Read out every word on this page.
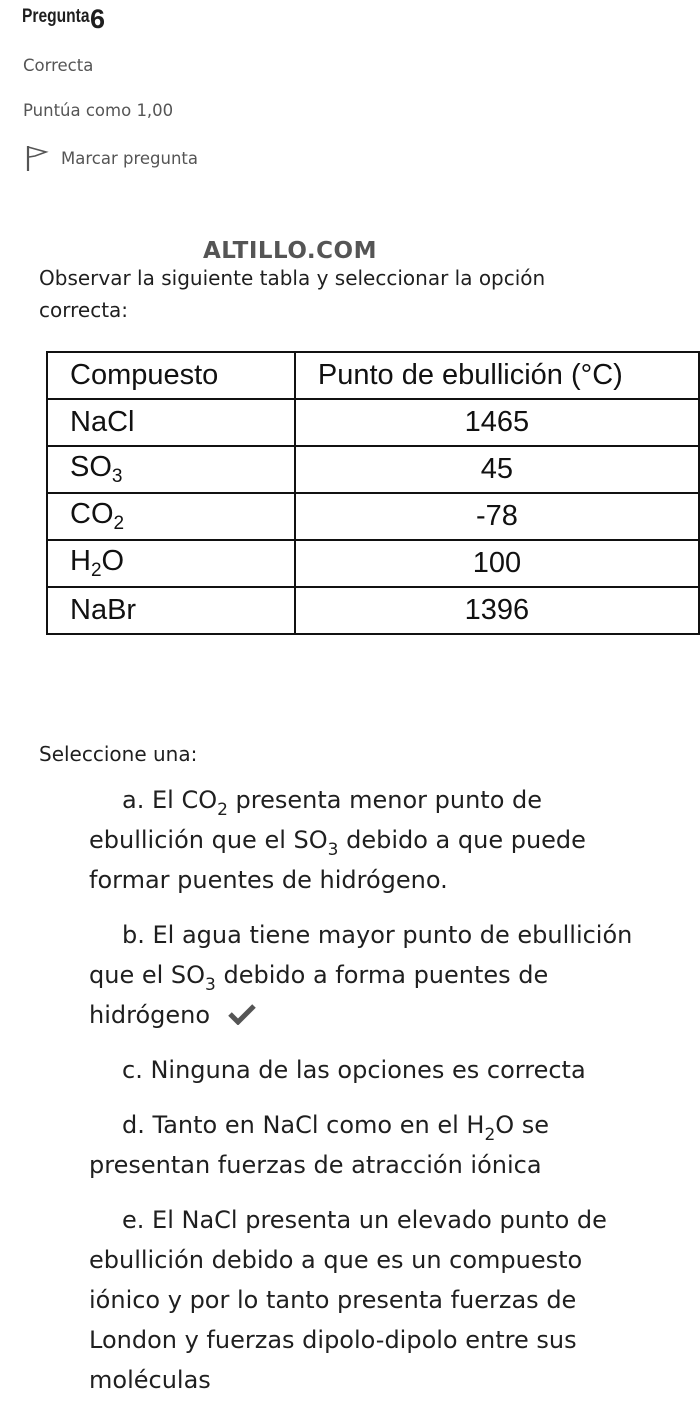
Pregunta 6
Correcta
Puntúa como 1,00
Marcar pregunta
ALTILLO.COM
Observar la siguiente tabla y seleccionar la opción correcta:
Compuesto	Punto de ebullición (°C)
NaCl	1465
$SO_3$	45
$CO_2$	-78
$H_2O$	100
NaBr	1396
Seleccione una:
a. El $CO_2$ presenta menor punto de ebullición que el $SO_3$ debido a que puede formar puentes de hidrógeno.
b. El agua tiene mayor punto de ebullición que el $SO_3$ debido a forma puentes de hidrógeno
c. Ninguna de las opciones es correcta
d. Tanto en NaCl como en el $H_2O$ se presentan fuerzas de atracción iónica
e. El NaCl presenta un elevado punto de ebullición debido a que es un compuesto iónico y por lo tanto presenta fuerzas de London y fuerzas dipolo-dipolo entre sus moléculas
